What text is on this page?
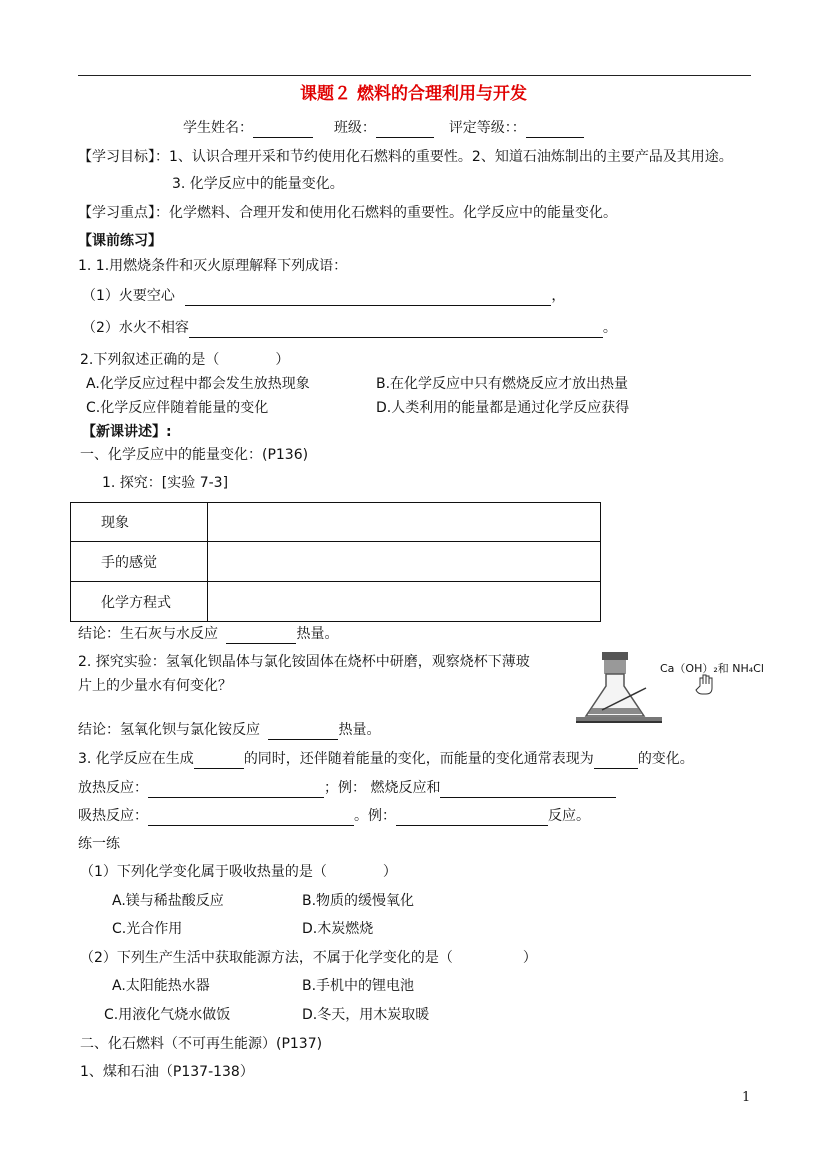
课题２ 燃料的合理利用与开发
学生姓名：	班级：	评定等级：：
【学习目标】：1、认识合理开采和节约使用化石燃料的重要性。2、知道石油炼制出的主要产品及其用途。
3. 化学反应中的能量变化。
【学习重点】：化学燃料、合理开发和使用化石燃料的重要性。化学反应中的能量变化。
【课前练习】
1. 1.用燃烧条件和灭火原理解释下列成语：
（1）火要空心	，
（2）水火不相容	。
2.下列叙述正确的是（　　　　）
A.化学反应过程中都会发生放热现象	B.在化学反应中只有燃烧反应才放出热量
C.化学反应伴随着能量的变化	D.人类利用的能量都是通过化学反应获得
【新课讲述】:
一、化学反应中的能量变化：(P136)
1. 探究：[实验 7-3]
现象	
手的感觉	
化学方程式	
结论：生石灰与水反应	热量。
2. 探究实验：氢氧化钡晶体与氯化铵固体在烧杯中研磨，观察烧杯下薄玻
片上的少量水有何变化？
Ca（OH）₂和 NH₄Cl
结论：氢氧化钡与氯化铵反应	热量。
3. 化学反应在生成	的同时，还伴随着能量的变化，而能量的变化通常表现为	的变化。
放热反应：	；例： 燃烧反应和
吸热反应：	。例：	反应。
练一练
（1）下列化学变化属于吸收热量的是（　　　　）
A.镁与稀盐酸反应	B.物质的缓慢氧化
C.光合作用	D.木炭燃烧
（2）下列生产生活中获取能源方法，不属于化学变化的是（　　　　　）
A.太阳能热水器	B.手机中的锂电池
C.用液化气烧水做饭	D.冬天，用木炭取暖
二、化石燃料（不可再生能源）(P137)
1、煤和石油（P137-138）
1
